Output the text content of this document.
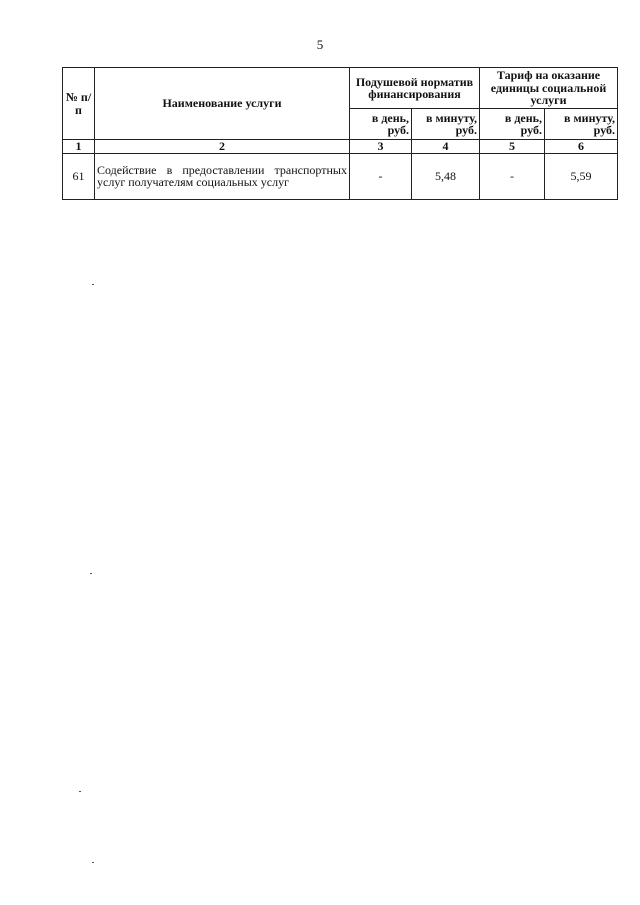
5
№ п/п	Наименование услуги	Подушевой норматив финансирования		Тариф на оказание единицы социальной услуги	
		в день, руб.	в минуту, руб.	в день, руб.	в минуту, руб.
1	2	3	4	5	6
61	Содействие в предоставлении транспортных услуг получателям социальных услуг	-	5,48	-	5,59
